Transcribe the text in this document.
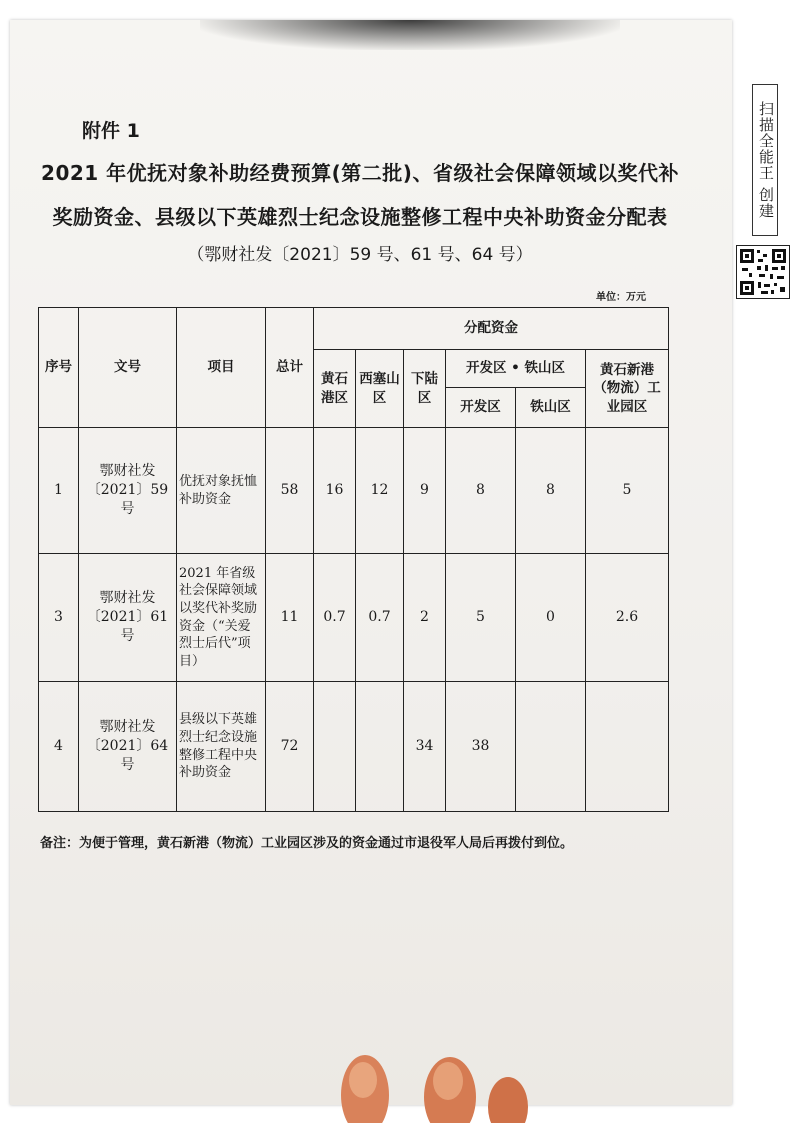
附件 1
2021 年优抚对象补助经费预算(第二批)、省级社会保障领域以奖代补
奖励资金、县级以下英雄烈士纪念设施整修工程中央补助资金分配表
（鄂财社发〔2021〕59 号、61 号、64 号）
单位：万元
序号	文号	项目	总计	分配资金					
				黄石港区	西塞山区	下陆区	开发区 • 铁山区		黄石新港（物流）工业园区
							开发区	铁山区	
1	鄂财社发〔2021〕59 号	优抚对象抚恤补助资金	58	16	12	9	8	8	5
3	鄂财社发〔2021〕61 号	2021 年省级社会保障领域以奖代补奖励资金（“关爱烈士后代”项目）	11	0.7	0.7	2	5	0	2.6
4	鄂财社发〔2021〕64 号	县级以下英雄烈士纪念设施整修工程中央补助资金	72			34	38		
备注：为便于管理，黄石新港（物流）工业园区涉及的资金通过市退役军人局后再拨付到位。
扫描全能王 创建
